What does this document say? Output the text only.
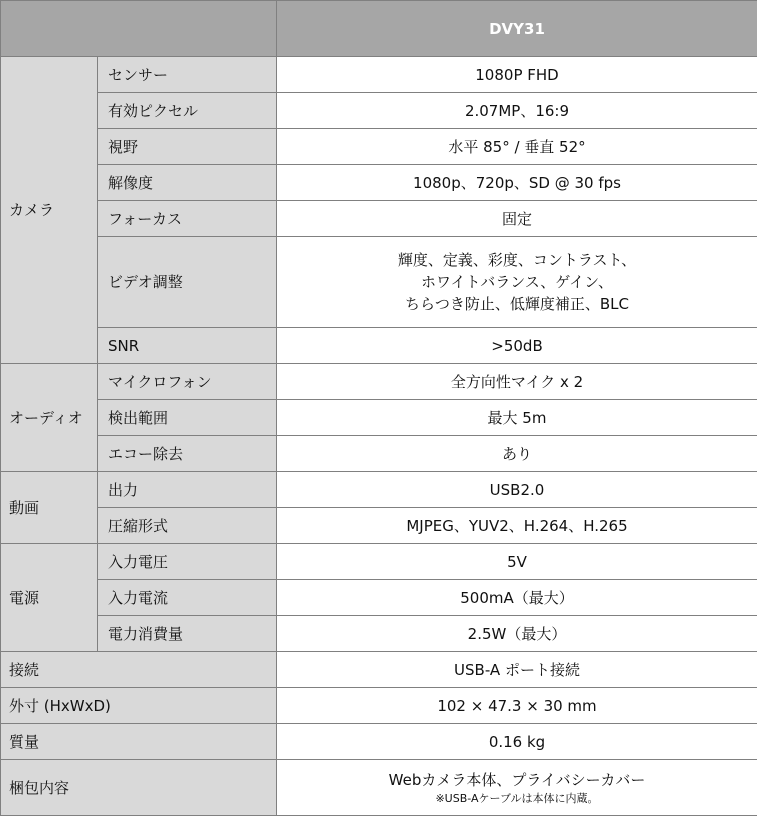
		DVY31
カメラ	センサー	1080P FHD
	有効ピクセル	2.07MP、16:9
	視野	水平 85° / 垂直 52°
	解像度	1080p、720p、SD @ 30 fps
	フォーカス	固定
	ビデオ調整	輝度、定義、彩度、コントラスト、
ホワイトバランス、ゲイン、
ちらつき防止、低輝度補正、BLC

	SNR	>50dB
オーディオ	マイクロフォン	全方向性マイク x 2
	検出範囲	最大 5m
	エコー除去	あり
動画	出力	USB2.0
	圧縮形式	MJPEG、YUV2、H.264、H.265
電源	入力電圧	5V
	入力電流	500mA（最大）
	電力消費量	2.5W（最大）
接続		USB-A ポート接続
外寸 (HxWxD)		102 × 47.3 × 30 mm
質量		0.16 kg
梱包内容		Webカメラ本体、プライバシーカバー
※USB-Aケーブルは本体に内蔵。
